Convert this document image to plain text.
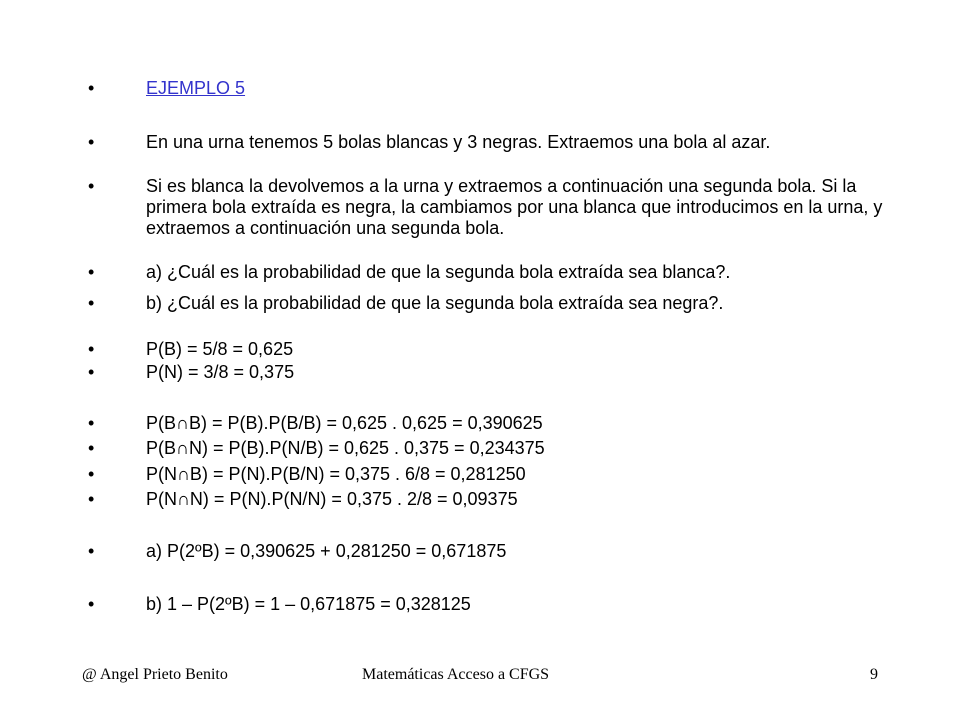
•	EJEMPLO 5
•	En una urna tenemos 5 bolas blancas y 3 negras. Extraemos una bola al azar.
•	Si es blanca la devolvemos a la urna y extraemos a continuación una segunda bola. Si la primera bola extraída es negra, la cambiamos por una blanca que introducimos en la urna, y extraemos a continuación una segunda bola.
•	a) ¿Cuál es la probabilidad de que la segunda bola extraída sea blanca?.
•	b) ¿Cuál es la probabilidad de que la segunda bola extraída sea negra?.
•	P(B) = 5/8 = 0,625
•	P(N) = 3/8 = 0,375
•	P(B∩B) = P(B).P(B/B) = 0,625 . 0,625 = 0,390625
•	P(B∩N) = P(B).P(N/B) = 0,625 . 0,375 = 0,234375
•	P(N∩B) = P(N).P(B/N) = 0,375 . 6/8 = 0,281250
•	P(N∩N) = P(N).P(N/N) = 0,375 . 2/8 = 0,09375
•	a) P(2ºB) = 0,390625 + 0,281250 = 0,671875
•	b) 1 – P(2ºB) = 1 – 0,671875 = 0,328125
@ Angel Prieto Benito	Matemáticas Acceso a CFGS	9
